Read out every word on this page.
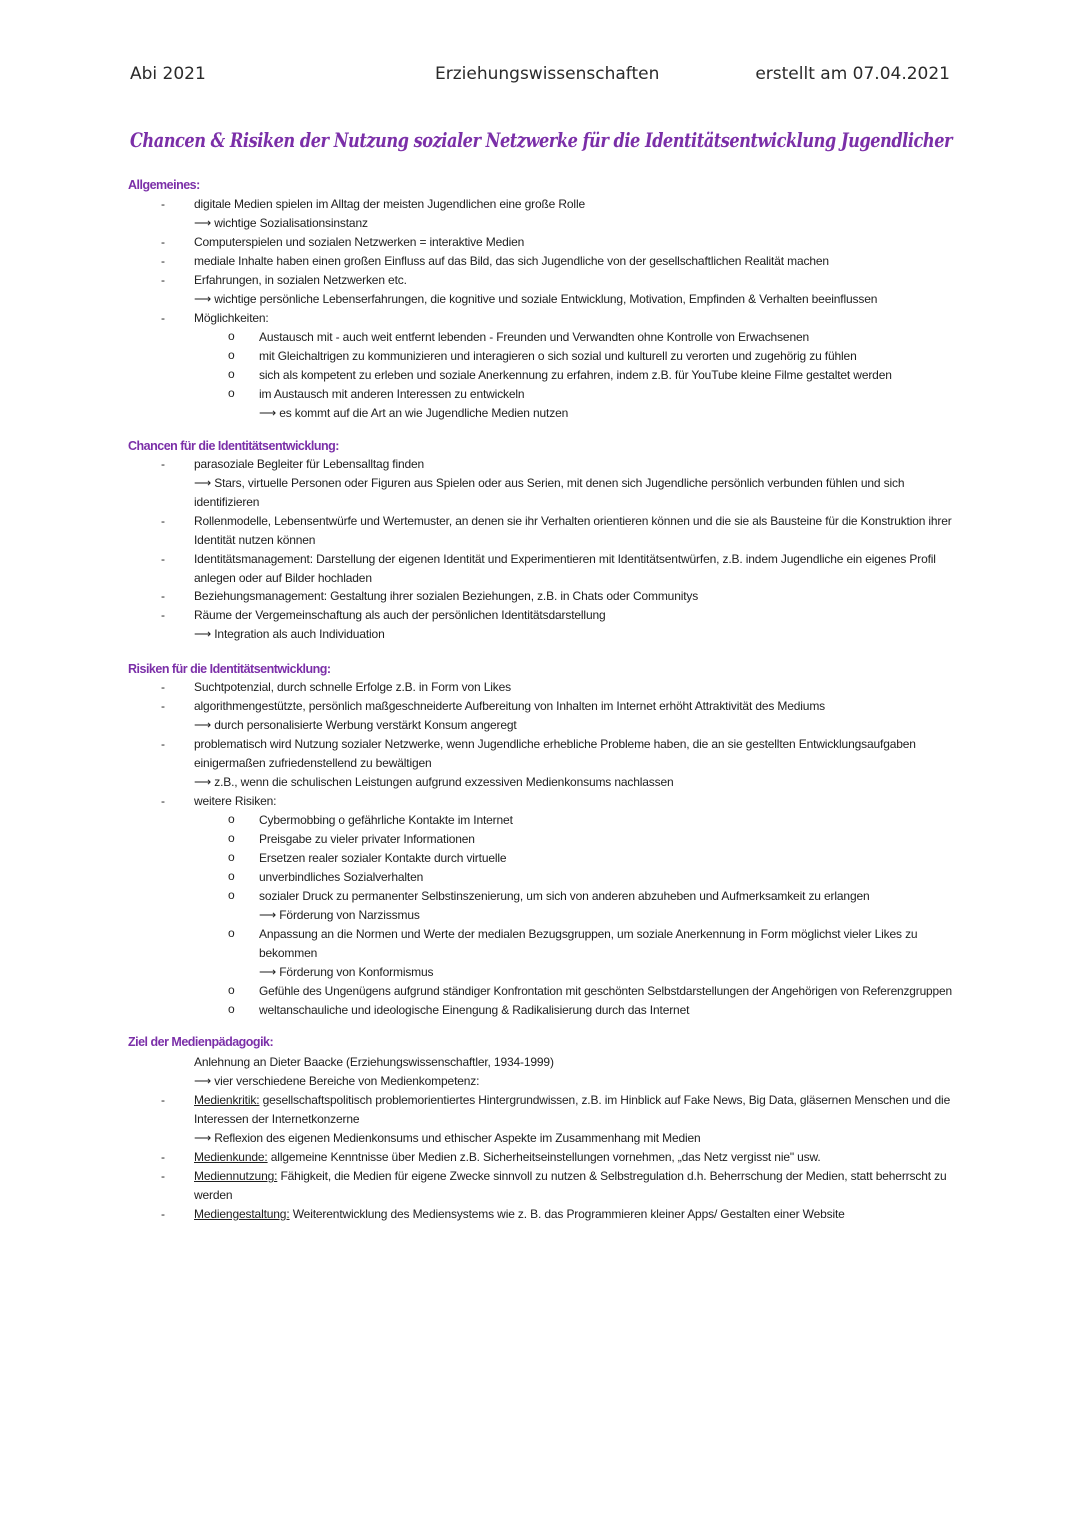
Abi 2021	Erziehungswissenschaften	erstellt am 07.04.2021
Chancen & Risiken der Nutzung sozialer Netzwerke für die Identitätsentwicklung Jugendlicher
Allgemeines:
- digitale Medien spielen im Alltag der meisten Jugendlichen eine große Rolle
⟶ wichtige Sozialisationsinstanz
- Computerspielen und sozialen Netzwerken = interaktive Medien
- mediale Inhalte haben einen großen Einfluss auf das Bild, das sich Jugendliche von der gesellschaftlichen Realität machen
- Erfahrungen, in sozialen Netzwerken etc.
⟶ wichtige persönliche Lebenserfahrungen, die kognitive und soziale Entwicklung, Motivation, Empfinden & Verhalten beeinflussen
- Möglichkeiten:
o Austausch mit - auch weit entfernt lebenden - Freunden und Verwandten ohne Kontrolle von Erwachsenen
o mit Gleichaltrigen zu kommunizieren und interagieren o sich sozial und kulturell zu verorten und zugehörig zu fühlen
o sich als kompetent zu erleben und soziale Anerkennung zu erfahren, indem z.B. für YouTube kleine Filme gestaltet werden
o im Austausch mit anderen Interessen zu entwickeln
⟶ es kommt auf die Art an wie Jugendliche Medien nutzen
Chancen für die Identitätsentwicklung:
- parasoziale Begleiter für Lebensalltag finden
⟶ Stars, virtuelle Personen oder Figuren aus Spielen oder aus Serien, mit denen sich Jugendliche persönlich verbunden fühlen und sich
identifizieren
- Rollenmodelle, Lebensentwürfe und Wertemuster, an denen sie ihr Verhalten orientieren können und die sie als Bausteine für die Konstruktion ihrer
Identität nutzen können
- Identitätsmanagement: Darstellung der eigenen Identität und Experimentieren mit Identitätsentwürfen, z.B. indem Jugendliche ein eigenes Profil
anlegen oder auf Bilder hochladen
- Beziehungsmanagement: Gestaltung ihrer sozialen Beziehungen, z.B. in Chats oder Communitys
- Räume der Vergemeinschaftung als auch der persönlichen Identitätsdarstellung
⟶ Integration als auch Individuation
Risiken für die Identitätsentwicklung:
- Suchtpotenzial, durch schnelle Erfolge z.B. in Form von Likes
- algorithmengestützte, persönlich maßgeschneiderte Aufbereitung von Inhalten im Internet erhöht Attraktivität des Mediums
⟶ durch personalisierte Werbung verstärkt Konsum angeregt
- problematisch wird Nutzung sozialer Netzwerke, wenn Jugendliche erhebliche Probleme haben, die an sie gestellten Entwicklungsaufgaben
einigermaßen zufriedenstellend zu bewältigen
⟶ z.B., wenn die schulischen Leistungen aufgrund exzessiven Medienkonsums nachlassen
- weitere Risiken:
o Cybermobbing o gefährliche Kontakte im Internet
o Preisgabe zu vieler privater Informationen
o Ersetzen realer sozialer Kontakte durch virtuelle
o unverbindliches Sozialverhalten
o sozialer Druck zu permanenter Selbstinszenierung, um sich von anderen abzuheben und Aufmerksamkeit zu erlangen
⟶ Förderung von Narzissmus
o Anpassung an die Normen und Werte der medialen Bezugsgruppen, um soziale Anerkennung in Form möglichst vieler Likes zu
bekommen
⟶ Förderung von Konformismus
o Gefühle des Ungenügens aufgrund ständiger Konfrontation mit geschönten Selbstdarstellungen der Angehörigen von Referenzgruppen
o weltanschauliche und ideologische Einengung & Radikalisierung durch das Internet
Ziel der Medienpädagogik:
Anlehnung an Dieter Baacke (Erziehungswissenschaftler, 1934-1999)
⟶ vier verschiedene Bereiche von Medienkompetenz:
- Medienkritik: gesellschaftspolitisch problemorientiertes Hintergrundwissen, z.B. im Hinblick auf Fake News, Big Data, gläsernen Menschen und die
Interessen der Internetkonzerne
⟶ Reflexion des eigenen Medienkonsums und ethischer Aspekte im Zusammenhang mit Medien
- Medienkunde: allgemeine Kenntnisse über Medien z.B. Sicherheitseinstellungen vornehmen, „das Netz vergisst nie" usw.
- Mediennutzung: Fähigkeit, die Medien für eigene Zwecke sinnvoll zu nutzen & Selbstregulation d.h. Beherrschung der Medien, statt beherrscht zu
werden
- Mediengestaltung: Weiterentwicklung des Mediensystems wie z. B. das Programmieren kleiner Apps/ Gestalten einer Website
